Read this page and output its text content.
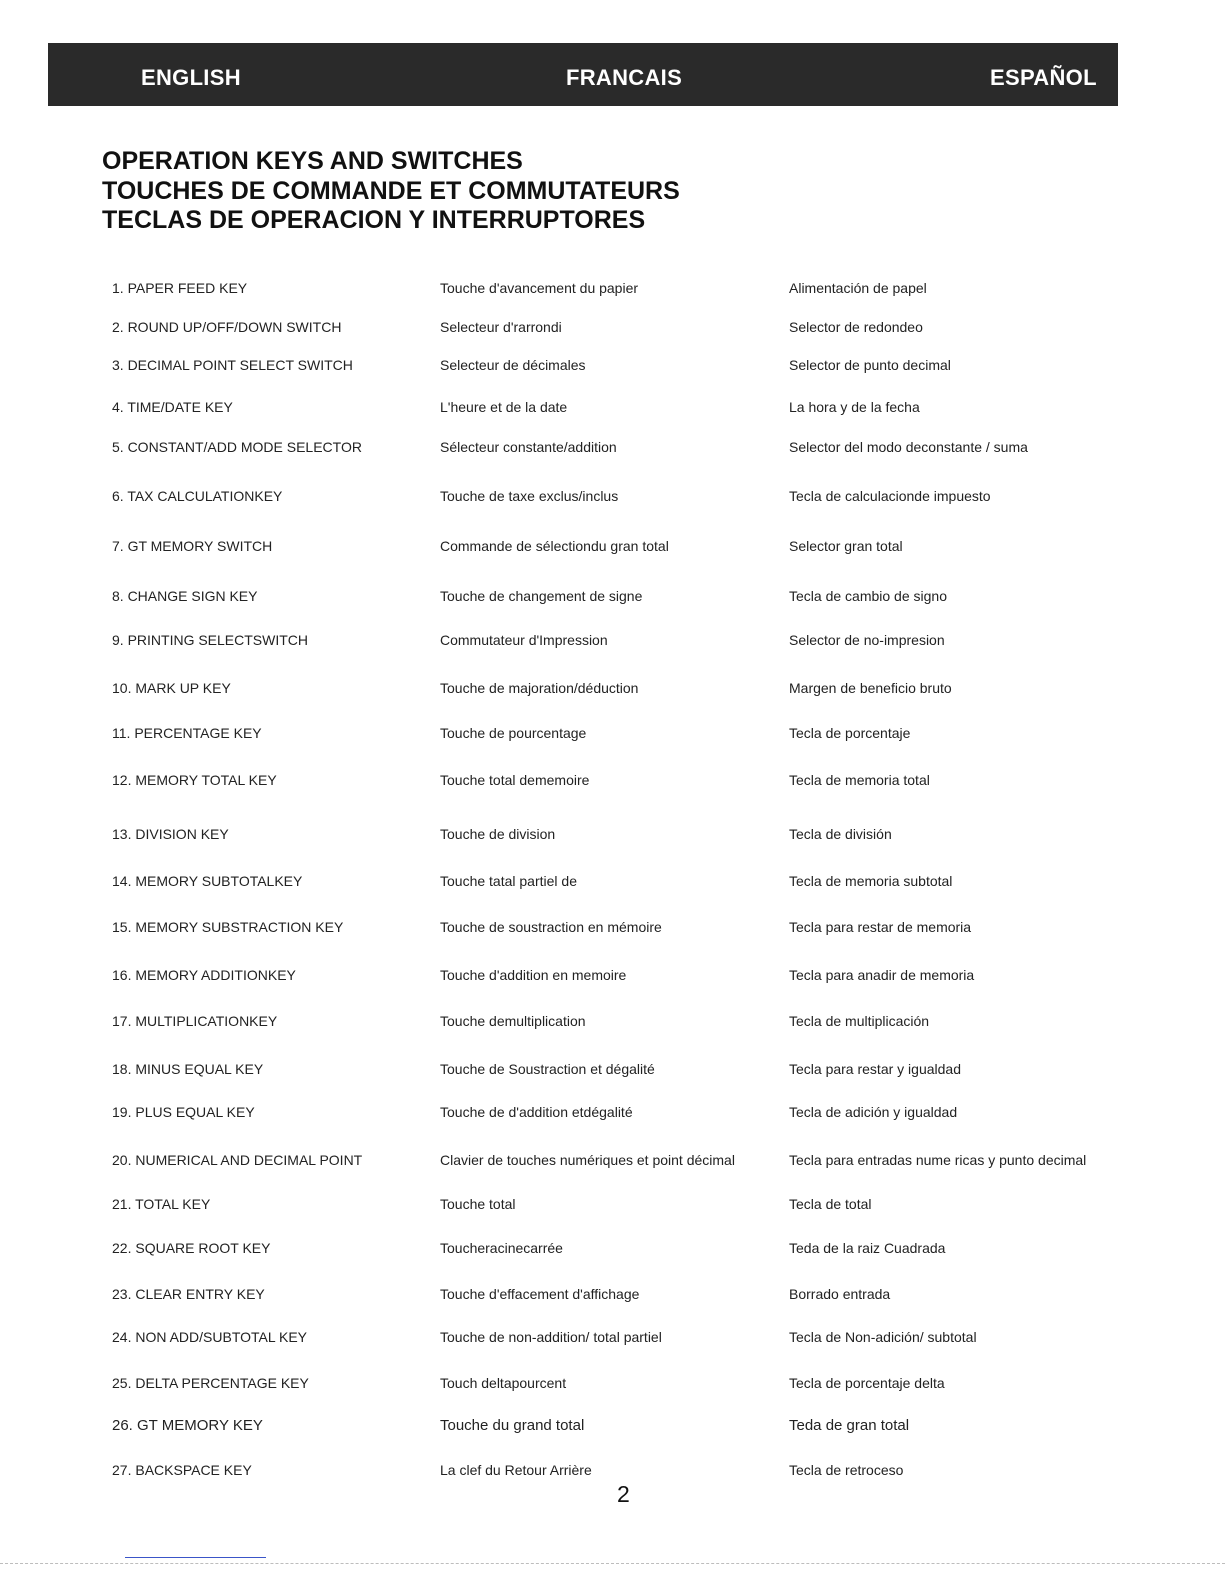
ENGLISH	FRANCAIS	ESPAÑOL
OPERATION KEYS AND SWITCHES
TOUCHES DE COMMANDE ET COMMUTATEURS
TECLAS DE OPERACION Y INTERRUPTORES
1. PAPER FEED KEY	Touche d'avancement du papier	Alimentación de papel
2. ROUND UP/OFF/DOWN SWITCH	Selecteur d'rarrondi	Selector de redondeo
3. DECIMAL POINT SELECT SWITCH	Selecteur de décimales	Selector de punto decimal
4. TIME/DATE KEY	L'heure et de la date	La hora y de la fecha
5. CONSTANT/ADD MODE SELECTOR	Sélecteur constante/addition	Selector del modo deconstante / suma
6. TAX CALCULATIONKEY	Touche de taxe exclus/inclus	Tecla de calculacionde impuesto
7. GT MEMORY SWITCH	Commande de sélectiondu gran total	Selector gran total
8. CHANGE SIGN KEY	Touche de changement de signe	Tecla de cambio de signo
9. PRINTING SELECTSWITCH	Commutateur d'Impression	Selector de no-impresion
10. MARK UP KEY	Touche de majoration/déduction	Margen de beneficio bruto
11. PERCENTAGE KEY	Touche de pourcentage	Tecla de porcentaje
12. MEMORY TOTAL KEY	Touche total dememoire	Tecla de memoria total
13. DIVISION KEY	Touche de division	Tecla de división
14. MEMORY SUBTOTALKEY	Touche tatal partiel de	Tecla de memoria subtotal
15. MEMORY SUBSTRACTION KEY	Touche de soustraction en mémoire	Tecla para restar de memoria
16. MEMORY ADDITIONKEY	Touche d'addition en memoire	Tecla para anadir de memoria
17. MULTIPLICATIONKEY	Touche demultiplication	Tecla de multiplicación
18. MINUS EQUAL KEY	Touche de Soustraction et dégalité	Tecla para restar y igualdad
19. PLUS EQUAL KEY	Touche de d'addition etdégalité	Tecla de adición y igualdad
20. NUMERICAL AND DECIMAL POINT	Clavier de touches numériques et point décimal	Tecla para entradas nume ricas y punto decimal
21. TOTAL KEY	Touche total	Tecla de total
22. SQUARE ROOT KEY	Toucheracinecarrée	Teda de la raiz Cuadrada
23. CLEAR ENTRY KEY	Touche d'effacement d'affichage	Borrado entrada
24. NON ADD/SUBTOTAL KEY	Touche de non-addition/ total partiel	Tecla de Non-adición/ subtotal
25. DELTA PERCENTAGE KEY	Touch deltapourcent	Tecla de porcentaje delta
26. GT MEMORY KEY	Touche du grand total	Teda de gran total
27. BACKSPACE KEY	La clef du Retour Arrière	Tecla de retroceso
2
